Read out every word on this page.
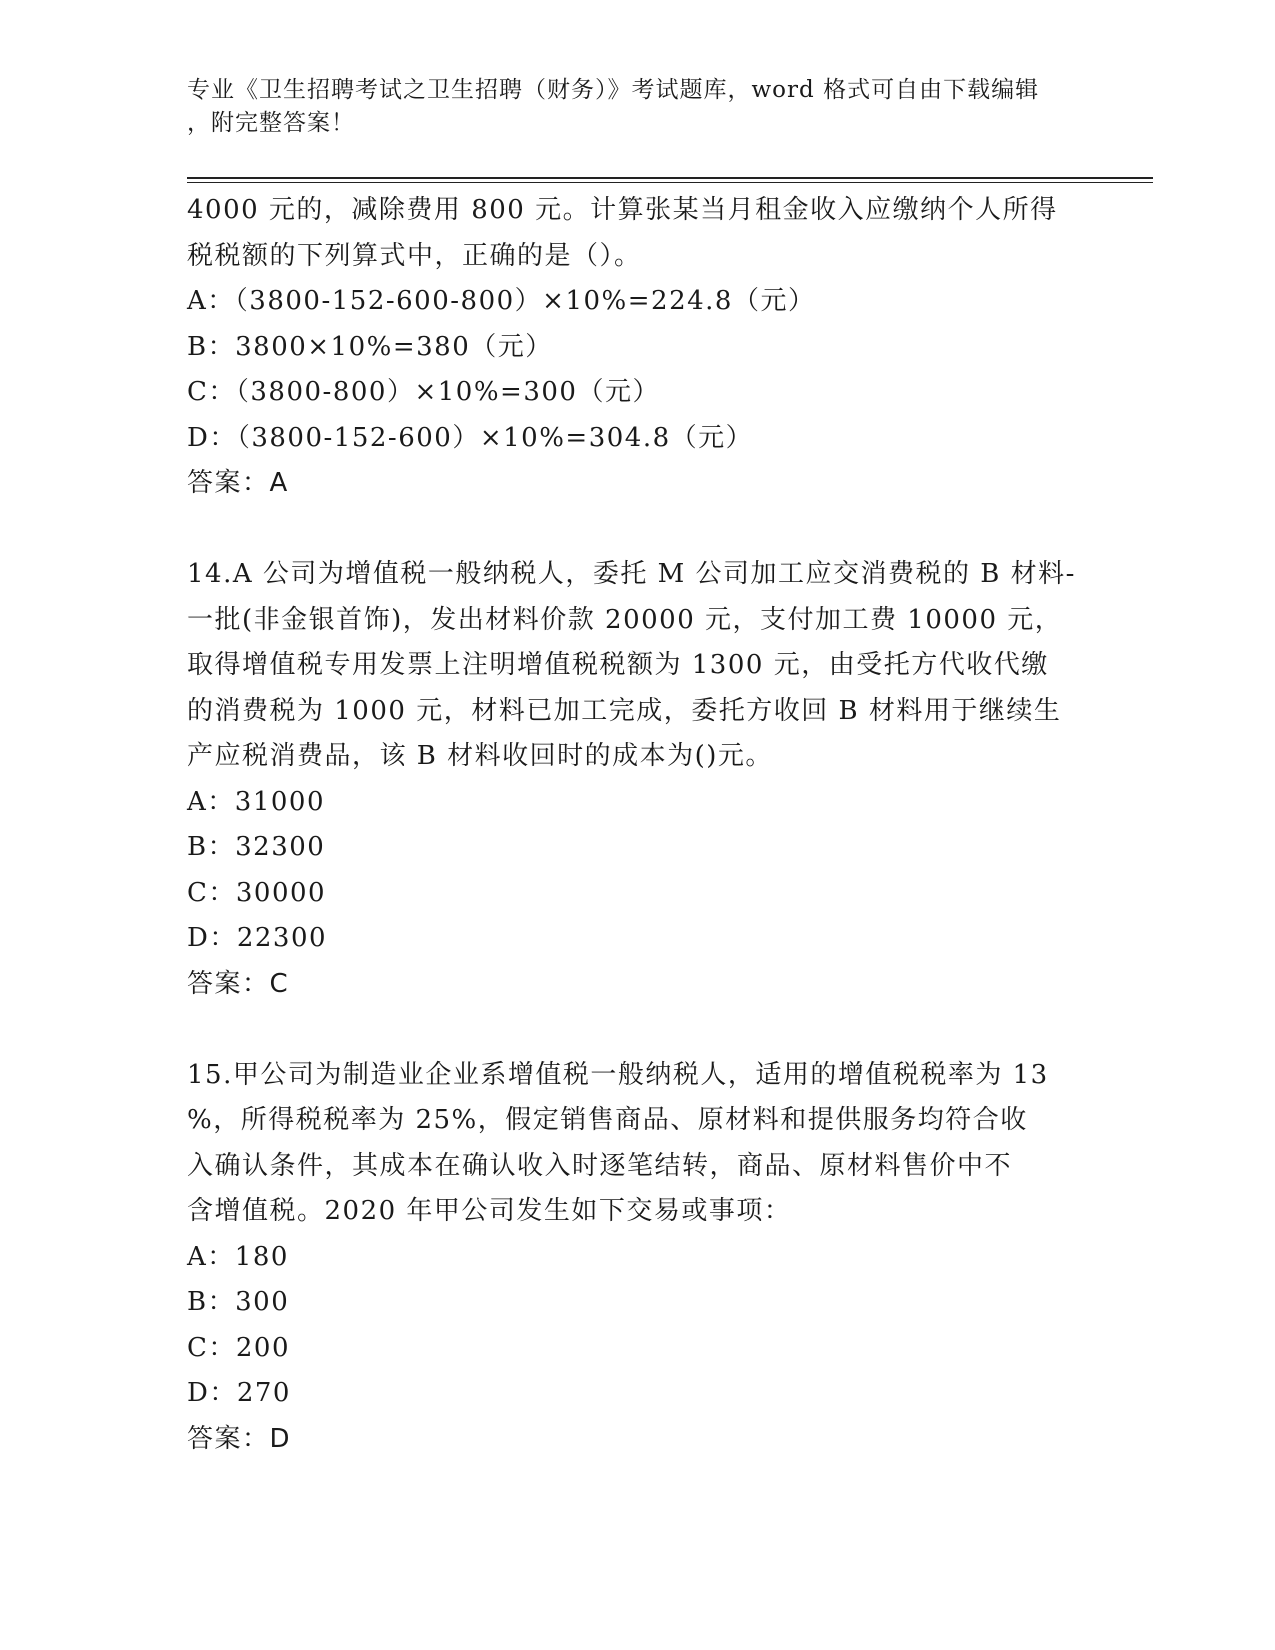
专业《卫生招聘考试之卫生招聘（财务）》考试题库，word 格式可自由下载编辑
，附完整答案！
4000 元的，减除费用 800 元。计算张某当月租金收入应缴纳个人所得
税税额的下列算式中，正确的是（）。
A：（3800-152-600-800）×10%=224.8（元）
B：3800×10%=380（元）
C：（3800-800）×10%=300（元）
D：（3800-152-600）×10%=304.8（元）
答案：A
14.A 公司为增值税一般纳税人，委托 M 公司加工应交消费税的 B 材料-
一批(非金银首饰)，发出材料价款 20000 元，支付加工费 10000 元，
取得增值税专用发票上注明增值税税额为 1300 元，由受托方代收代缴
的消费税为 1000 元，材料已加工完成，委托方收回 B 材料用于继续生
产应税消费品，该 B 材料收回时的成本为()元。
A：31000
B：32300
C：30000
D：22300
答案：C
15.甲公司为制造业企业系增值税一般纳税人，适用的增值税税率为 13
%，所得税税率为 25%，假定销售商品、原材料和提供服务均符合收
入确认条件，其成本在确认收入时逐笔结转，商品、原材料售价中不
含增值税。2020 年甲公司发生如下交易或事项：
A：180
B：300
C：200
D：270
答案：D
